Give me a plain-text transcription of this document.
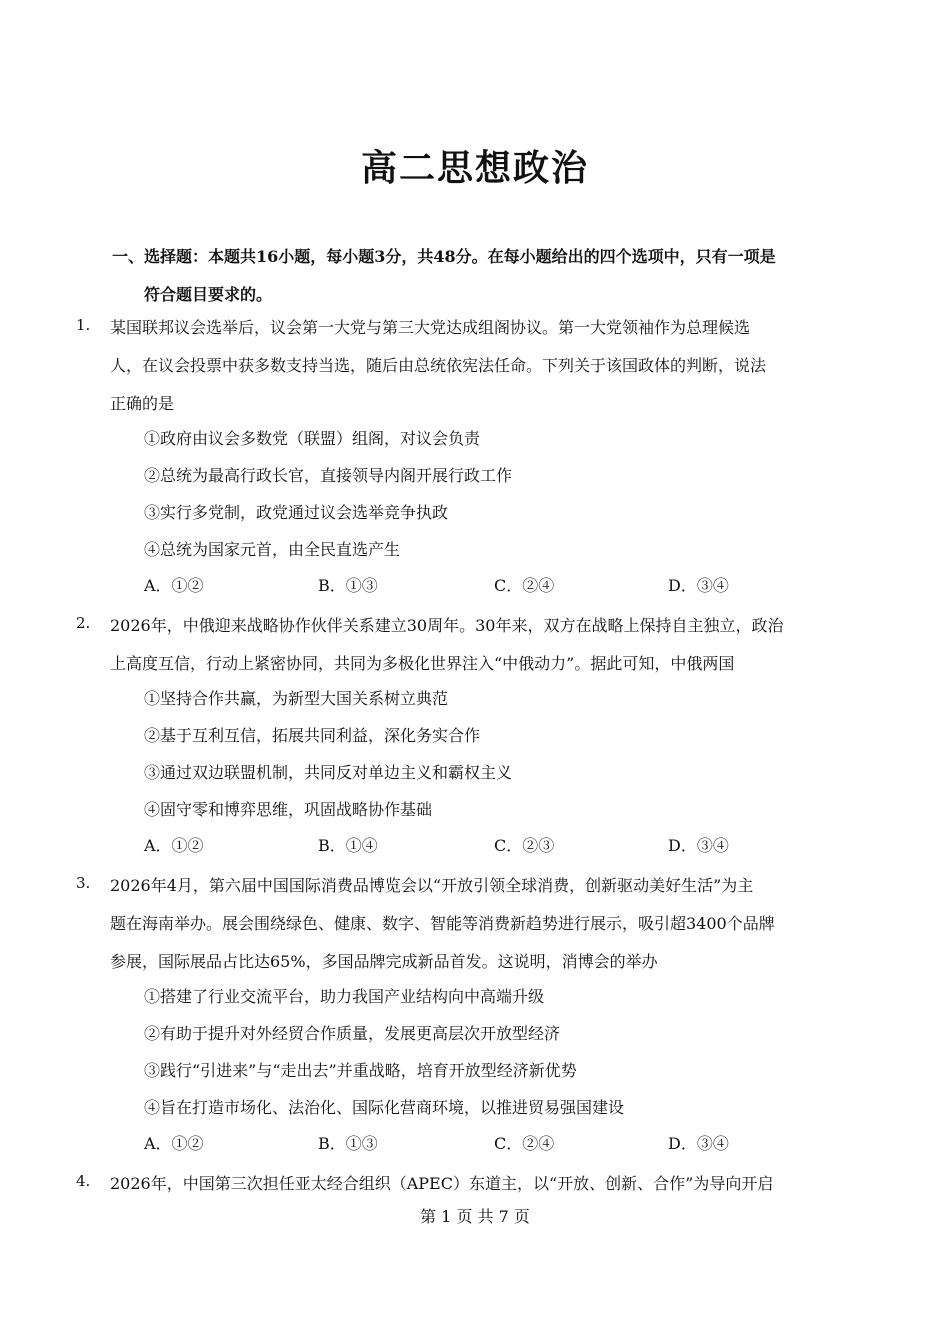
高二思想政治
一、选择题：本题共16小题，每小题3分，共48分。在每小题给出的四个选项中，只有一项是
符合题目要求的。
1. 某国联邦议会选举后，议会第一大党与第三大党达成组阁协议。第一大党领袖作为总理候选
人，在议会投票中获多数支持当选，随后由总统依宪法任命。下列关于该国政体的判断，说法
正确的是
①政府由议会多数党（联盟）组阁，对议会负责
②总统为最高行政长官，直接领导内阁开展行政工作
③实行多党制，政党通过议会选举竞争执政
④总统为国家元首，由全民直选产生
A．①②	B．①③	C．②④	D．③④
2. 2026年，中俄迎来战略协作伙伴关系建立30周年。30年来，双方在战略上保持自主独立，政治
上高度互信，行动上紧密协同，共同为多极化世界注入“中俄动力”。据此可知，中俄两国
①坚持合作共赢，为新型大国关系树立典范
②基于互利互信，拓展共同利益，深化务实合作
③通过双边联盟机制，共同反对单边主义和霸权主义
④固守零和博弈思维，巩固战略协作基础
A．①②	B．①④	C．②③	D．③④
3. 2026年4月，第六届中国国际消费品博览会以“开放引领全球消费，创新驱动美好生活”为主
题在海南举办。展会围绕绿色、健康、数字、智能等消费新趋势进行展示，吸引超3400个品牌
参展，国际展品占比达65%，多国品牌完成新品首发。这说明，消博会的举办
①搭建了行业交流平台，助力我国产业结构向中高端升级
②有助于提升对外经贸合作质量，发展更高层次开放型经济
③践行“引进来”与“走出去”并重战略，培育开放型经济新优势
④旨在打造市场化、法治化、国际化营商环境，以推进贸易强国建设
A．①②	B．①③	C．②④	D．③④
4. 2026年，中国第三次担任亚太经合组织（APEC）东道主，以“开放、创新、合作”为导向开启
第 1 页 共 7 页
